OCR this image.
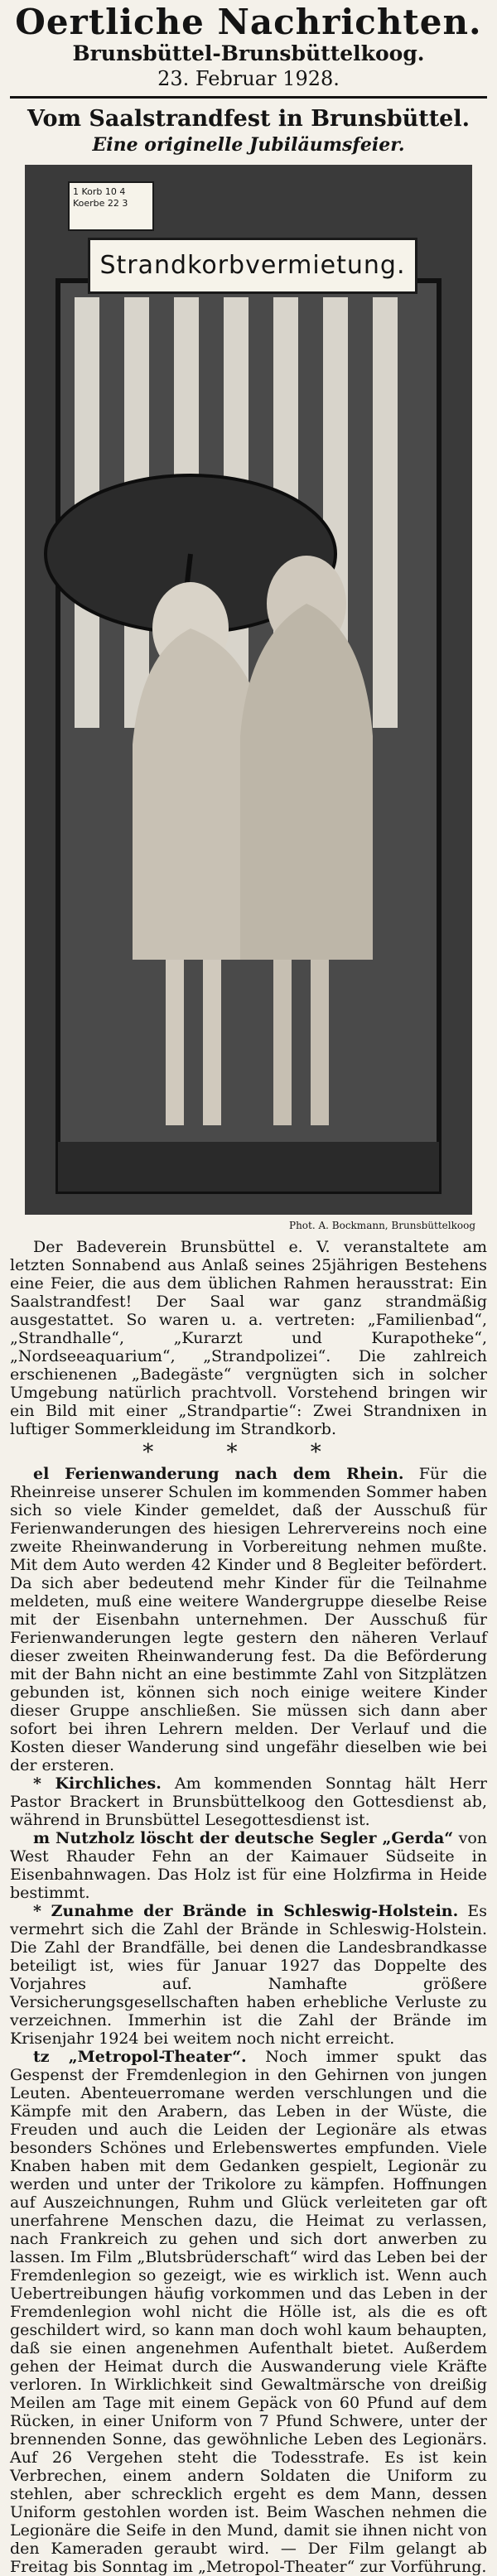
Oertliche Nachrichten.
Brunsbüttel-Brunsbüttelkoog.
23. Februar 1928.
Vom Saalstrandfest in Brunsbüttel.
Eine originelle Jubiläumsfeier.
1 Korb 10 4 Koerbe 22 3
Strandkorbvermietung.
Phot. A. Bockmann, Brunsbüttelkoog

Der Badeverein Brunsbüttel e. V. veranstaltete am letzten Sonnabend aus Anlaß seines 25jährigen Bestehens eine Feier, die aus dem üblichen Rahmen herausstrat: Ein Saalstrandfest! Der Saal war ganz strandmäßig ausgestattet. So waren u. a. vertreten: „Familienbad“, „Strandhalle“, „Kurarzt und Kurapotheke“, „Nordseeaquarium“, „Strandpolizei“. Die zahlreich erschienenen „Badegäste“ vergnügten sich in solcher Umgebung natürlich prachtvoll. Vorstehend bringen wir ein Bild mit einer „Strandpartie“: Zwei Strandnixen in luftiger Sommerkleidung im Strandkorb.

* * *

el Ferienwanderung nach dem Rhein. Für die Rheinreise unserer Schulen im kommenden Sommer haben sich so viele Kinder gemeldet, daß der Ausschuß für Ferienwanderungen des hiesigen Lehrervereins noch eine zweite Rheinwanderung in Vorbereitung nehmen mußte. Mit dem Auto werden 42 Kinder und 8 Begleiter befördert. Da sich aber bedeutend mehr Kinder für die Teilnahme meldeten, muß eine weitere Wandergruppe dieselbe Reise mit der Eisenbahn unternehmen. Der Ausschuß für Ferienwanderungen legte gestern den näheren Verlauf dieser zweiten Rheinwanderung fest. Da die Beförderung mit der Bahn nicht an eine bestimmte Zahl von Sitzplätzen gebunden ist, können sich noch einige weitere Kinder dieser Gruppe anschließen. Sie müssen sich dann aber sofort bei ihren Lehrern melden. Der Verlauf und die Kosten dieser Wanderung sind ungefähr dieselben wie bei der ersteren.

* Kirchliches. Am kommenden Sonntag hält Herr Pastor Brackert in Brunsbüttelkoog den Gottesdienst ab, während in Brunsbüttel Lesegottesdienst ist.

m Nutzholz löscht der deutsche Segler „Gerda“ von West Rhauder Fehn an der Kaimauer Südseite in Eisenbahnwagen. Das Holz ist für eine Holzfirma in Heide bestimmt.

* Zunahme der Brände in Schleswig-Holstein. Es vermehrt sich die Zahl der Brände in Schleswig-Holstein. Die Zahl der Brandfälle, bei denen die Landesbrandkasse beteiligt ist, wies für Januar 1927 das Doppelte des Vorjahres auf. Namhafte größere Versicherungsgesellschaften haben erhebliche Verluste zu verzeichnen. Immerhin ist die Zahl der Brände im Krisenjahr 1924 bei weitem noch nicht erreicht.

tz „Metropol-Theater“. Noch immer spukt das Gespenst der Fremdenlegion in den Gehirnen von jungen Leuten. Abenteuerromane werden verschlungen und die Kämpfe mit den Arabern, das Leben in der Wüste, die Freuden und auch die Leiden der Legionäre als etwas besonders Schönes und Erlebenswertes empfunden. Viele Knaben haben mit dem Gedanken gespielt, Legionär zu werden und unter der Trikolore zu kämpfen. Hoffnungen auf Auszeichnungen, Ruhm und Glück verleiteten gar oft unerfahrene Menschen dazu, die Heimat zu verlassen, nach Frankreich zu gehen und sich dort anwerben zu lassen. Im Film „Blutsbrüderschaft“ wird das Leben bei der Fremdenlegion so gezeigt, wie es wirklich ist. Wenn auch Uebertreibungen häufig vorkommen und das Leben in der Fremdenlegion wohl nicht die Hölle ist, als die es oft geschildert wird, so kann man doch wohl kaum behaupten, daß sie einen angenehmen Aufenthalt bietet. Außerdem gehen der Heimat durch die Auswanderung viele Kräfte verloren. In Wirklichkeit sind Gewaltmärsche von dreißig Meilen am Tage mit einem Gepäck von 60 Pfund auf dem Rücken, in einer Uniform von 7 Pfund Schwere, unter der brennenden Sonne, das gewöhnliche Leben des Legionärs. Auf 26 Vergehen steht die Todesstrafe. Es ist kein Verbrechen, einem andern Soldaten die Uniform zu stehlen, aber schrecklich ergeht es dem Mann, dessen Uniform gestohlen worden ist. Beim Waschen nehmen die Legionäre die Seife in den Mund, damit sie ihnen nicht von den Kameraden geraubt wird. — Der Film gelangt ab Freitag bis Sonntag im „Metropol-Theater“ zur Vorführung.
